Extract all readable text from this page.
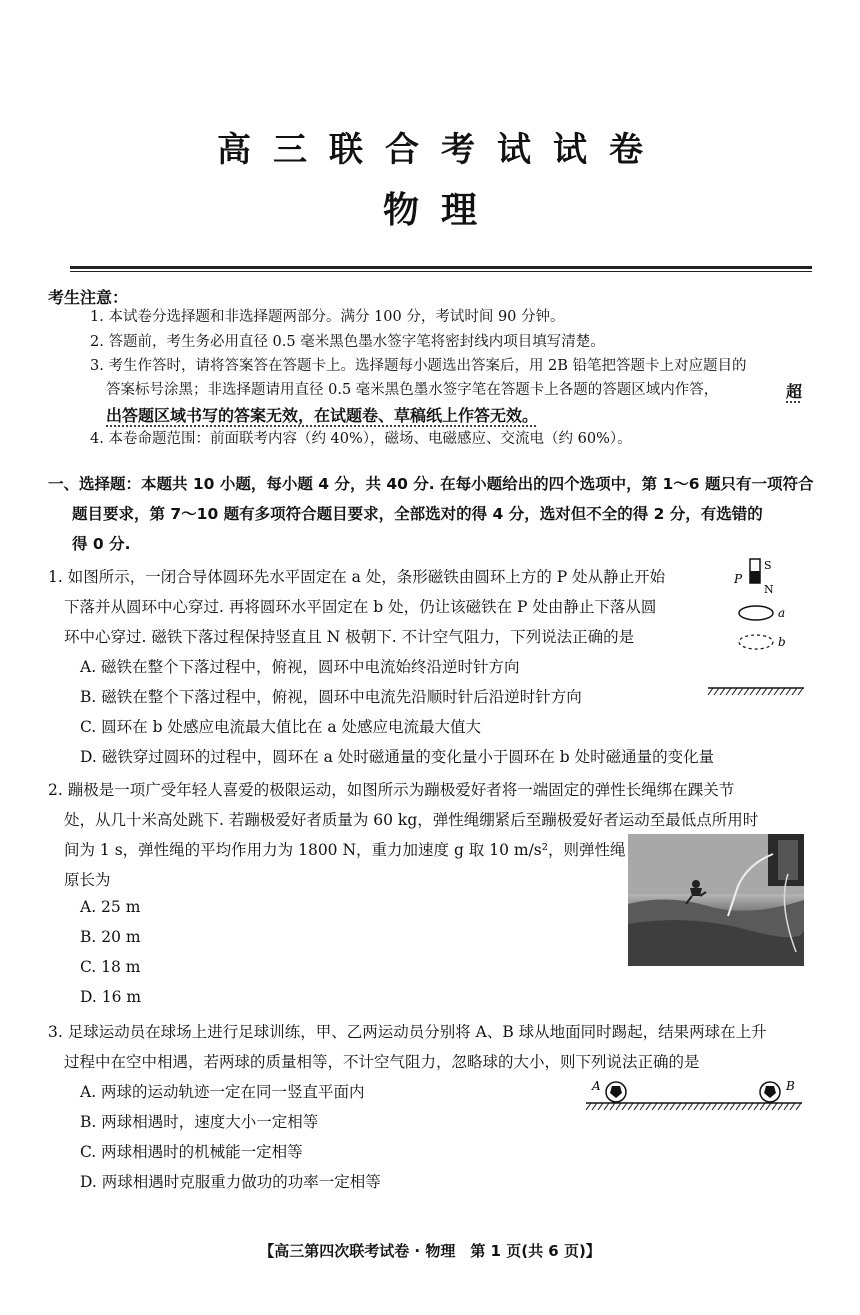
高三联合考试试卷
物理
考生注意：
1. 本试卷分选择题和非选择题两部分。满分 100 分，考试时间 90 分钟。
2. 答题前，考生务必用直径 0.5 毫米黑色墨水签字笔将密封线内项目填写清楚。
3. 考生作答时，请将答案答在答题卡上。选择题每小题选出答案后，用 2B 铅笔把答题卡上对应题目的
答案标号涂黑；非选择题请用直径 0.5 毫米黑色墨水签字笔在答题卡上各题的答题区域内作答，	超
出答题区域书写的答案无效，在试题卷、草稿纸上作答无效。
4. 本卷命题范围：前面联考内容（约 40%），磁场、电磁感应、交流电（约 60%）。
一、选择题：本题共 10 小题，每小题 4 分，共 40 分. 在每小题给出的四个选项中，第 1～6 题只有一项符合
题目要求，第 7～10 题有多项符合题目要求，全部选对的得 4 分，选对但不全的得 2 分，有选错的
得 0 分.
1. 如图所示，一闭合导体圆环先水平固定在 a 处，条形磁铁由圆环上方的 P 处从静止开始
下落并从圆环中心穿过. 再将圆环水平固定在 b 处，仍让该磁铁在 P 处由静止下落从圆
环中心穿过. 磁铁下落过程保持竖直且 N 极朝下. 不计空气阻力，下列说法正确的是
A. 磁铁在整个下落过程中，俯视，圆环中电流始终沿逆时针方向
B. 磁铁在整个下落过程中，俯视，圆环中电流先沿顺时针后沿逆时针方向
C. 圆环在 b 处感应电流最大值比在 a 处感应电流最大值大
D. 磁铁穿过圆环的过程中，圆环在 a 处时磁通量的变化量小于圆环在 b 处时磁通量的变化量
S
N
P
a
b
2. 蹦极是一项广受年轻人喜爱的极限运动，如图所示为蹦极爱好者将一端固定的弹性长绳绑在踝关节
处，从几十米高处跳下. 若蹦极爱好者质量为 60 kg，弹性绳绷紧后至蹦极爱好者运动至最低点所用时
间为 1 s，弹性绳的平均作用力为 1800 N，重力加速度 g 取 10 m/s²，则弹性绳
原长为
A. 25 m
B. 20 m
C. 18 m
D. 16 m
3. 足球运动员在球场上进行足球训练，甲、乙两运动员分别将 A、B 球从地面同时踢起，结果两球在上升
过程中在空中相遇，若两球的质量相等，不计空气阻力，忽略球的大小，则下列说法正确的是
A. 两球的运动轨迹一定在同一竖直平面内
B. 两球相遇时，速度大小一定相等
C. 两球相遇时的机械能一定相等
D. 两球相遇时克服重力做功的功率一定相等
A	B
【高三第四次联考试卷 · 物理　第 1 页(共 6 页)】
